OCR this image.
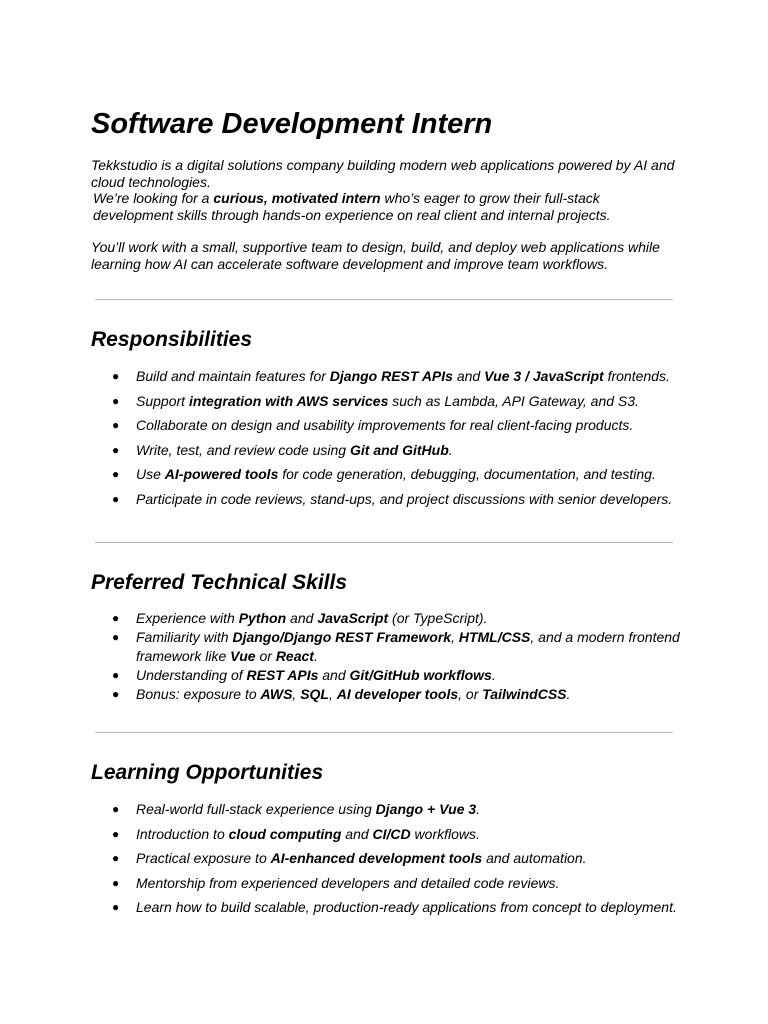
Software Development Intern

Tekkstudio is a digital solutions company building modern web applications powered by AI and cloud technologies.

We’re looking for a curious, motivated intern who’s eager to grow their full-stack development skills through hands-on experience on real client and internal projects.

You’ll work with a small, supportive team to design, build, and deploy web applications while learning how AI can accelerate software development and improve team workflows.

Responsibilities
● Build and maintain features for Django REST APIs and Vue 3 / JavaScript frontends.
● Support integration with AWS services such as Lambda, API Gateway, and S3.
● Collaborate on design and usability improvements for real client-facing products.
● Write, test, and review code using Git and GitHub.
● Use AI-powered tools for code generation, debugging, documentation, and testing.
● Participate in code reviews, stand-ups, and project discussions with senior developers.
Preferred Technical Skills
● Experience with Python and JavaScript (or TypeScript).
● Familiarity with Django/Django REST Framework, HTML/CSS, and a modern frontend
framework like Vue or React.
● Understanding of REST APIs and Git/GitHub workflows.
● Bonus: exposure to AWS, SQL, AI developer tools, or TailwindCSS.
Learning Opportunities
● Real-world full-stack experience using Django + Vue 3.
● Introduction to cloud computing and CI/CD workflows.
● Practical exposure to AI-enhanced development tools and automation.
● Mentorship from experienced developers and detailed code reviews.
● Learn how to build scalable, production-ready applications from concept to deployment.
